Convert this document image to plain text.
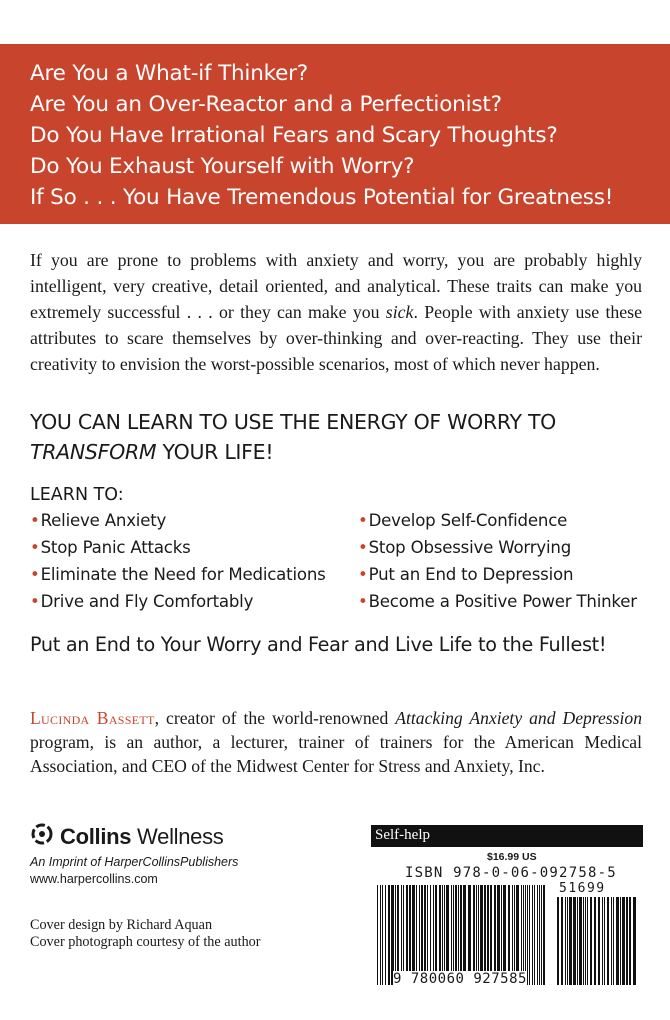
Are You a What-if Thinker?
Are You an Over-Reactor and a Perfectionist?
Do You Have Irrational Fears and Scary Thoughts?
Do You Exhaust Yourself with Worry?
If So . . . You Have Tremendous Potential for Greatness!
If you are prone to problems with anxiety and worry, you are probably highly intelligent, very creative, detail oriented, and analytical. These traits can make you extremely successful . . . or they can make you sick. People with anxiety use these attributes to scare themselves by over-thinking and over-reacting. They use their creativity to envision the worst-possible scenarios, most of which never happen.
YOU CAN LEARN TO USE THE ENERGY OF WORRY TO
TRANSFORM YOUR LIFE!
LEARN TO:
•Relieve Anxiety
•Stop Panic Attacks
•Eliminate the Need for Medications
•Drive and Fly Comfortably
•Develop Self-Confidence
•Stop Obsessive Worrying
•Put an End to Depression
•Become a Positive Power Thinker
Put an End to Your Worry and Fear and Live Life to the Fullest!
Lucinda Bassett, creator of the world-renowned Attacking Anxiety and Depression program, is an author, a lecturer, trainer of trainers for the American Medical Association, and CEO of the Midwest Center for Stress and Anxiety, Inc.
Collins Wellness
An Imprint of HarperCollinsPublishers
www.harpercollins.com
Cover design by Richard Aquan
Cover photograph courtesy of the author
Self-help
$16.99 US
ISBN 978-0-06-092758-5
51699
9 780060 927585
